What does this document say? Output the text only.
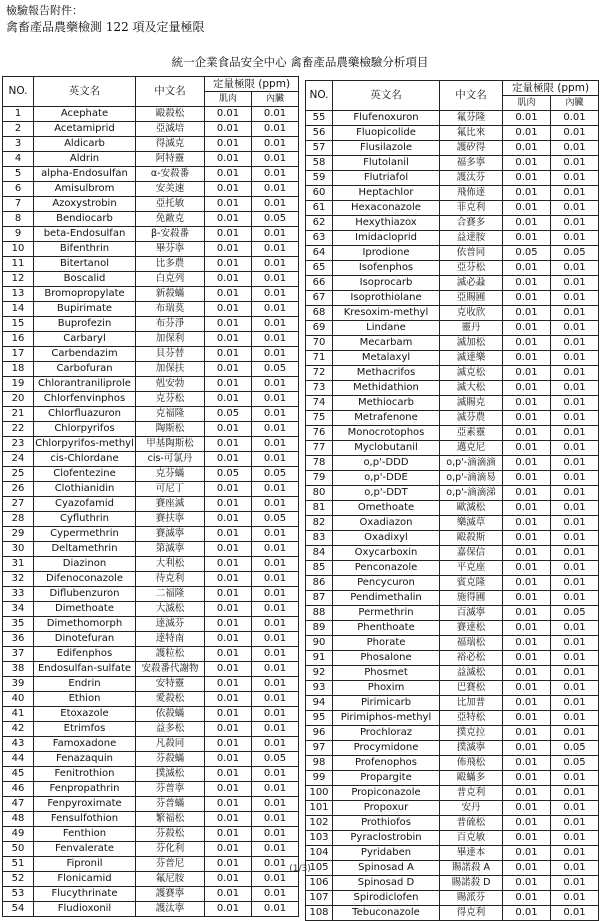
檢驗報告附件：
禽畜產品農藥檢測 122 項及定量極限
統一企業食品安全中心 禽畜產品農藥檢驗分析項目
NO.	英文名	中文名	定量極限 (ppm)	
			肌肉	內臟
1	Acephate	毆殺松	0.01	0.01
2	Acetamiprid	亞滅培	0.01	0.01
3	Aldicarb	得滅克	0.01	0.01
4	Aldrin	阿特靈	0.01	0.01
5	alpha-Endosulfan	α-安殺番	0.01	0.01
6	Amisulbrom	安美速	0.01	0.01
7	Azoxystrobin	亞托敏	0.01	0.01
8	Bendiocarb	免敵克	0.01	0.05
9	beta-Endosulfan	β-安殺番	0.01	0.01
10	Bifenthrin	畢芬寧	0.01	0.01
11	Bitertanol	比多農	0.01	0.01
12	Boscalid	白克列	0.01	0.01
13	Bromopropylate	新殺蟎	0.01	0.01
14	Bupirimate	布瑞莫	0.01	0.01
15	Buprofezin	布芬淨	0.01	0.01
16	Carbaryl	加保利	0.01	0.01
17	Carbendazim	貝芬替	0.01	0.01
18	Carbofuran	加保扶	0.01	0.05
19	Chlorantraniliprole	剋安勃	0.01	0.01
20	Chlorfenvinphos	克芬松	0.01	0.01
21	Chlorfluazuron	克福隆	0.05	0.01
22	Chlorpyrifos	陶斯松	0.01	0.01
23	Chlorpyrifos-methyl	甲基陶斯松	0.01	0.01
24	cis-Chlordane	cis-可氯丹	0.01	0.01
25	Clofentezine	克芬蟎	0.05	0.05
26	Clothianidin	可尼丁	0.01	0.01
27	Cyazofamid	賽座滅	0.01	0.01
28	Cyfluthrin	賽扶寧	0.01	0.05
29	Cypermethrin	賽滅寧	0.01	0.01
30	Deltamethrin	第滅寧	0.01	0.01
31	Diazinon	大利松	0.01	0.01
32	Difenoconazole	待克利	0.01	0.01
33	Diflubenzuron	二福隆	0.01	0.01
34	Dimethoate	大滅松	0.01	0.01
35	Dimethomorph	達滅芬	0.01	0.01
36	Dinotefuran	達特南	0.01	0.01
37	Edifenphos	護粒松	0.01	0.01
38	Endosulfan-sulfate	安殺番代謝物	0.01	0.01
39	Endrin	安特靈	0.01	0.01
40	Ethion	愛殺松	0.01	0.01
41	Etoxazole	依殺蟎	0.01	0.01
42	Etrimfos	益多松	0.01	0.01
43	Famoxadone	凡殺同	0.01	0.01
44	Fenazaquin	芬殺蟎	0.01	0.05
45	Fenitrothion	撲滅松	0.01	0.01
46	Fenpropathrin	芬普寧	0.01	0.01
47	Fenpyroximate	芬普蟎	0.01	0.01
48	Fensulfothion	繁福松	0.01	0.01
49	Fenthion	芬殺松	0.01	0.01
50	Fenvalerate	芬化利	0.01	0.01
51	Fipronil	芬普尼	0.01	0.01
52	Flonicamid	氟尼胺	0.01	0.01
53	Flucythrinate	護賽寧	0.01	0.01
54	Fludioxonil	護汰寧	0.01	0.01
NO.	英文名	中文名	定量極限 (ppm)	
			肌肉	內臟
55	Flufenoxuron	氟芬隆	0.01	0.01
56	Fluopicolide	氟比來	0.01	0.01
57	Flusilazole	護矽得	0.01	0.01
58	Flutolanil	福多寧	0.01	0.01
59	Flutriafol	護汰芬	0.01	0.01
60	Heptachlor	飛佈達	0.01	0.01
61	Hexaconazole	菲克利	0.01	0.01
62	Hexythiazox	合賽多	0.01	0.01
63	Imidacloprid	益達胺	0.01	0.01
64	Iprodione	依普同	0.05	0.05
65	Isofenphos	亞芬松	0.01	0.01
66	Isoprocarb	滅必蝨	0.01	0.01
67	Isoprothiolane	亞賜圃	0.01	0.01
68	Kresoxim-methyl	克收欣	0.01	0.01
69	Lindane	靈丹	0.01	0.01
70	Mecarbam	滅加松	0.01	0.01
71	Metalaxyl	滅達樂	0.01	0.01
72	Methacrifos	滅克松	0.01	0.01
73	Methidathion	滅大松	0.01	0.01
74	Methiocarb	滅賜克	0.01	0.01
75	Metrafenone	滅芬農	0.01	0.01
76	Monocrotophos	亞素靈	0.01	0.01
77	Myclobutanil	邁克尼	0.01	0.01
78	o,p'-DDD	o,p'-滴滴滴	0.01	0.01
79	o,p'-DDE	o,p'-滴滴易	0.01	0.01
80	o,p'-DDT	o,p'-滴滴涕	0.01	0.01
81	Omethoate	歐滅松	0.01	0.01
82	Oxadiazon	樂滅草	0.01	0.01
83	Oxadixyl	毆殺斯	0.01	0.01
84	Oxycarboxin	嘉保信	0.01	0.01
85	Penconazole	平克座	0.01	0.01
86	Pencycuron	賓克隆	0.01	0.01
87	Pendimethalin	施得圃	0.01	0.01
88	Permethrin	百滅寧	0.01	0.05
89	Phenthoate	賽達松	0.01	0.01
90	Phorate	福瑞松	0.01	0.01
91	Phosalone	裕必松	0.01	0.01
92	Phosmet	益滅松	0.01	0.01
93	Phoxim	巴賽松	0.01	0.01
94	Pirimicarb	比加普	0.01	0.01
95	Pirimiphos-methyl	亞特松	0.01	0.01
96	Prochloraz	撲克拉	0.01	0.01
97	Procymidone	撲滅寧	0.01	0.05
98	Profenophos	佈飛松	0.01	0.05
99	Propargite	毆蟎多	0.01	0.01
100	Propiconazole	普克利	0.01	0.01
101	Propoxur	安丹	0.01	0.01
102	Prothiofos	普硫松	0.01	0.01
103	Pyraclostrobin	百克敏	0.01	0.01
104	Pyridaben	畢達本	0.01	0.01
105	Spinosad A	賜諾殺 A	0.01	0.01
106	Spinosad D	賜諾殺 D	0.01	0.01
107	Spirodiclofen	賜派芬	0.01	0.01
108	Tebuconazole	得克利	0.01	0.01
(1/3)
